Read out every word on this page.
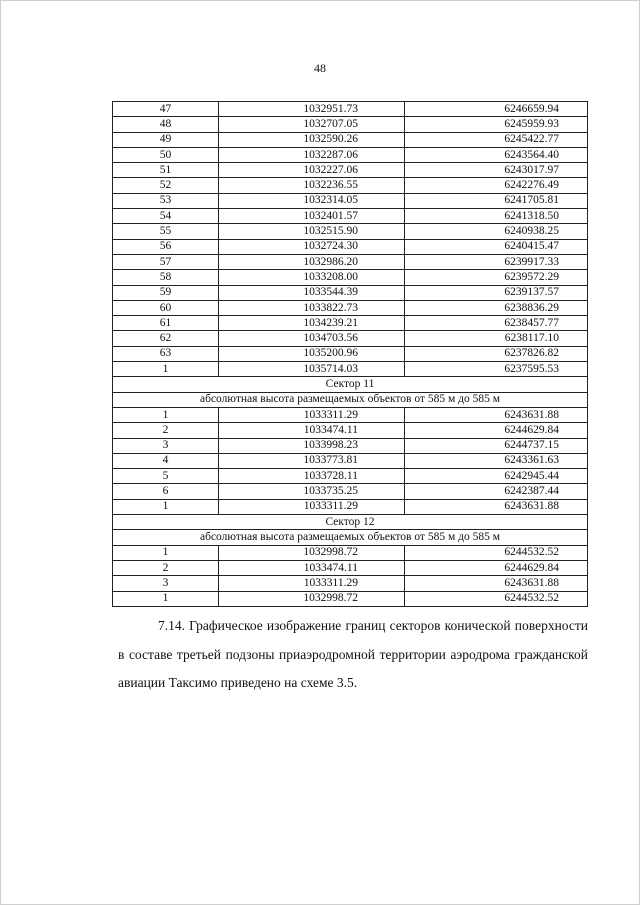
48
47	1032951.73	6246659.94
48	1032707.05	6245959.93
49	1032590.26	6245422.77
50	1032287.06	6243564.40
51	1032227.06	6243017.97
52	1032236.55	6242276.49
53	1032314.05	6241705.81
54	1032401.57	6241318.50
55	1032515.90	6240938.25
56	1032724.30	6240415.47
57	1032986.20	6239917.33
58	1033208.00	6239572.29
59	1033544.39	6239137.57
60	1033822.73	6238836.29
61	1034239.21	6238457.77
62	1034703.56	6238117.10
63	1035200.96	6237826.82
1	1035714.03	6237595.53
Сектор 11		
абсолютная высота размещаемых объектов от 585 м до 585 м		
1	1033311.29	6243631.88
2	1033474.11	6244629.84
3	1033998.23	6244737.15
4	1033773.81	6243361.63
5	1033728.11	6242945.44
6	1033735.25	6242387.44
1	1033311.29	6243631.88
Сектор 12		
абсолютная высота размещаемых объектов от 585 м до 585 м		
1	1032998.72	6244532.52
2	1033474.11	6244629.84
3	1033311.29	6243631.88
1	1032998.72	6244532.52
7.14. Графическое изображение границ секторов конической поверхности в составе третьей подзоны приаэродромной территории аэродрома гражданской авиации Таксимо приведено на схеме 3.5.
